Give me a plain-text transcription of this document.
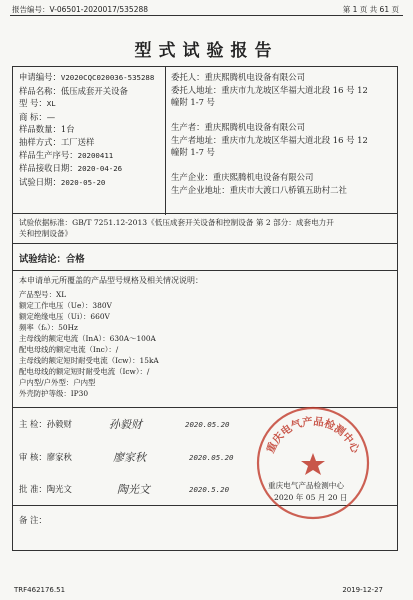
报告编号：V-06501-2020017/535288	第 1 页 共 61 页
型式试验报告
申请编号：V2020CQC020036-535288
样品名称：低压成套开关设备
型 号：XL
商 标：—
样品数量：1台
抽样方式：工厂送样
样品生产序号：20200411
样品接收日期：2020-04-26
试验日期：2020-05-20
委托人：重庆熙腾机电设备有限公司
委托人地址：重庆市九龙坡区华福大道北段 16 号 12
幢附 1-7 号

生产者：重庆熙腾机电设备有限公司
生产者地址：重庆市九龙坡区华福大道北段 16 号 12
幢附 1-7 号

生产企业：重庆熙腾机电设备有限公司
生产企业地址：重庆市大渡口八桥镇五助村二社
试验依据标准：GB/T 7251.12-2013《低压成套开关设备和控制设备 第 2 部分：成套电力开
关和控制设备》
试验结论：合格
本申请单元所覆盖的产品型号规格及相关情况说明：
产品型号：XL
额定工作电压（Ue）：380V
额定绝缘电压（Ui）：660V
频率（fₙ）：50Hz
主母线的额定电流（InA）：630A～100A
配电母线的额定电流（Inc）：/
主母线的额定短时耐受电流（Icw）：15kA
配电母线的额定短时耐受电流（Icw）：/
户内型/户外型：户内型
外壳防护等级：IP30
主 检：孙毅财	孙毅财	2020.05.20
审 核：廖家秋	廖家秋	2020.05.20
批 准：陶光文	陶光文	2020.5.20
备 注：
重庆电气产品检测中心
重庆电气产品检测中心
2020 年 05 月 20 日
TRF462176.51	2019-12-27
